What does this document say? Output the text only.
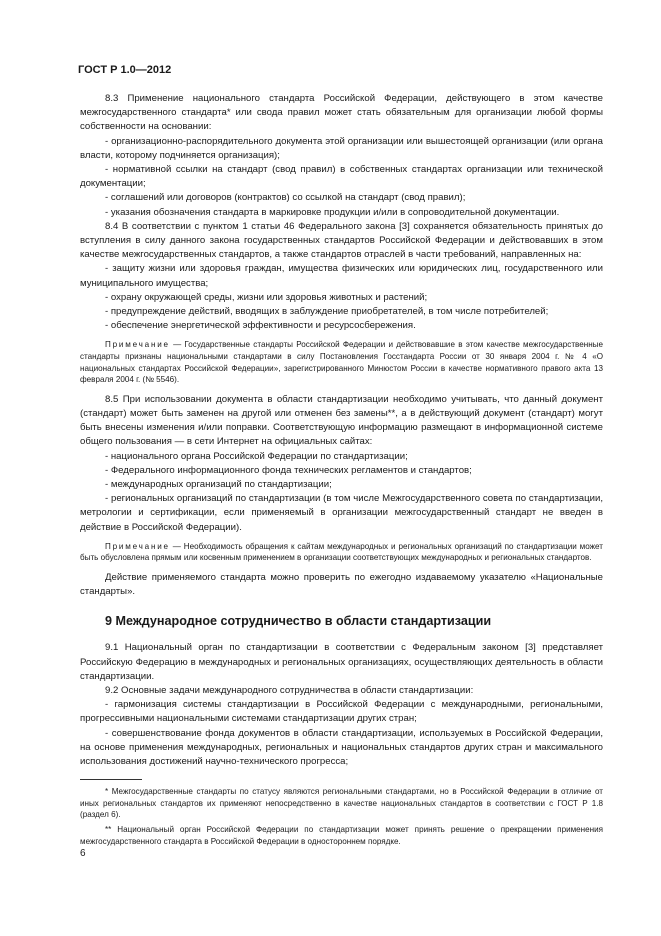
ГОСТ Р 1.0—2012

8.3 Применение национального стандарта Российской Федерации, действующего в этом качестве межгосударственного стандарта* или свода правил может стать обязательным для организации любой формы собственности на основании:

- организационно-распорядительного документа этой организации или вышестоящей организации (или органа власти, которому подчиняется организация);

- нормативной ссылки на стандарт (свод правил) в собственных стандартах организации или технической документации;

- соглашений или договоров (контрактов) со ссылкой на стандарт (свод правил);

- указания обозначения стандарта в маркировке продукции и/или в сопроводительной документации.

8.4 В соответствии с пунктом 1 статьи 46 Федерального закона [3] сохраняется обязательность принятых до вступления в силу данного закона государственных стандартов Российской Федерации и действовавших в этом качестве межгосударственных стандартов, а также стандартов отраслей в части требований, направленных на:

- защиту жизни или здоровья граждан, имущества физических или юридических лиц, государственного или муниципального имущества;

- охрану окружающей среды, жизни или здоровья животных и растений;

- предупреждение действий, вводящих в заблуждение приобретателей, в том числе потребителей;

- обеспечение энергетической эффективности и ресурсосбережения.

Примечание — Государственные стандарты Российской Федерации и действовавшие в этом качестве межгосударственные стандарты признаны национальными стандартами в силу Постановления Госстандарта России от 30 января 2004 г. № 4 «О национальных стандартах Российской Федерации», зарегистрированного Минюстом России в качестве нормативного правого акта 13 февраля 2004 г. (№ 5546).

8.5 При использовании документа в области стандартизации необходимо учитывать, что данный документ (стандарт) может быть заменен на другой или отменен без замены**, а в действующий документ (стандарт) могут быть внесены изменения и/или поправки. Соответствующую информацию размещают в информационной системе общего пользования — в сети Интернет на официальных сайтах:

- национального органа Российской Федерации по стандартизации;

- Федерального информационного фонда технических регламентов и стандартов;

- международных организаций по стандартизации;

- региональных организаций по стандартизации (в том числе Межгосударственного совета по стандартизации, метрологии и сертификации, если применяемый в организации межгосударственный стандарт не введен в действие в Российской Федерации).

Примечание — Необходимость обращения к сайтам международных и региональных организаций по стандартизации может быть обусловлена прямым или косвенным применением в организации соответствующих международных и региональных стандартов.

Действие применяемого стандарта можно проверить по ежегодно издаваемому указателю «Национальные стандарты».

9 Международное сотрудничество в области стандартизации

9.1 Национальный орган по стандартизации в соответствии с Федеральным законом [3] представляет Российскую Федерацию в международных и региональных организациях, осуществляющих деятельность в области стандартизации.

9.2 Основные задачи международного сотрудничества в области стандартизации:

- гармонизация системы стандартизации в Российской Федерации с международными, региональными, прогрессивными национальными системами стандартизации других стран;

- совершенствование фонда документов в области стандартизации, используемых в Российской Федерации, на основе применения международных, региональных и национальных стандартов других стран и максимального использования достижений научно-технического прогресса;

* Межгосударственные стандарты по статусу являются региональными стандартами, но в Российской Федерации в отличие от иных региональных стандартов их применяют непосредственно в качестве национальных стандартов в соответствии с ГОСТ Р 1.8 (раздел 6).

** Национальный орган Российской Федерации по стандартизации может принять решение о прекращении применения межгосударственного стандарта в Российской Федерации в одностороннем порядке.

6
